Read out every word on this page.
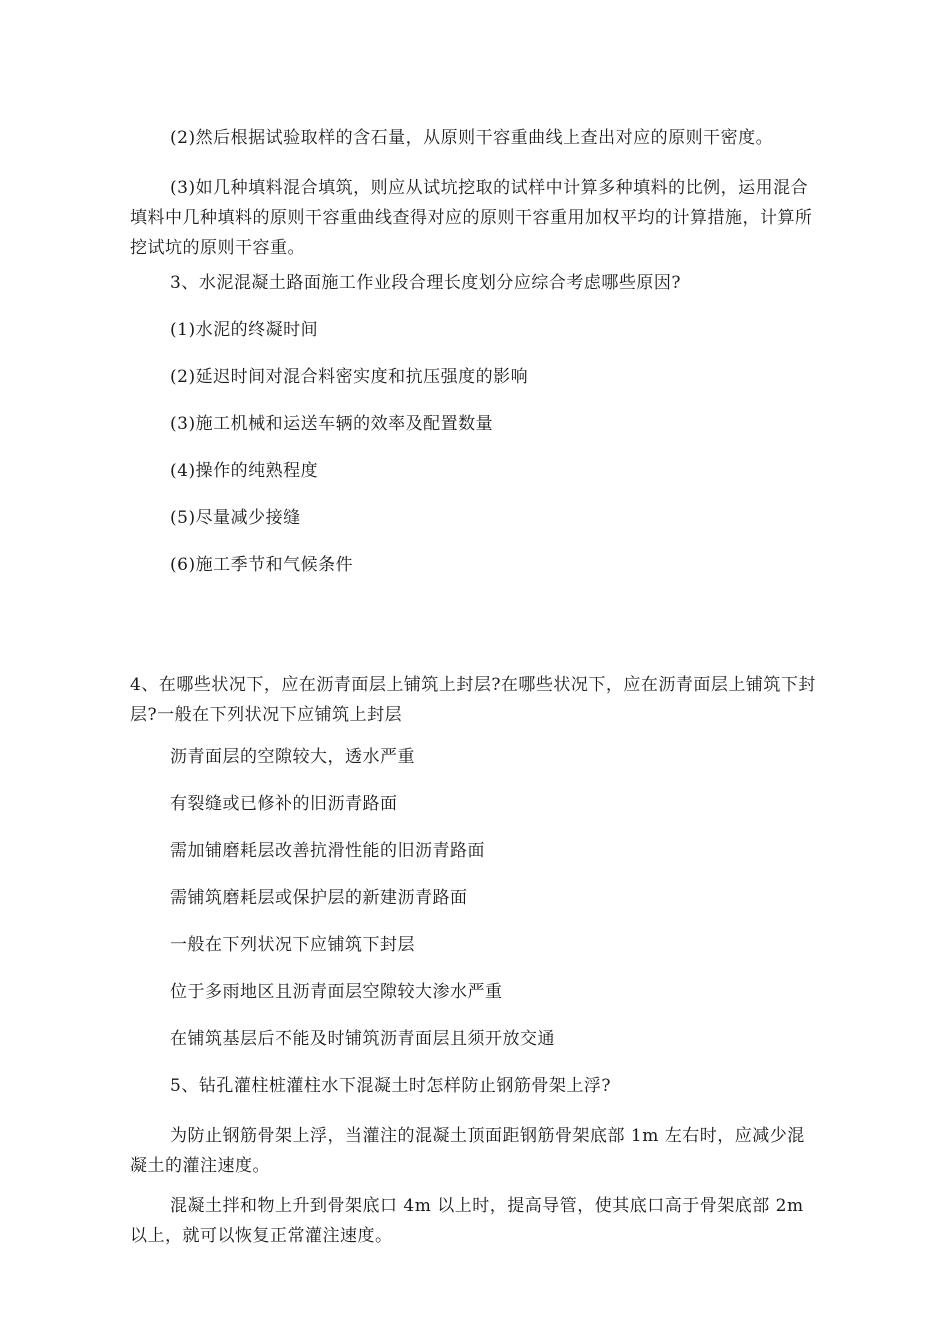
(2)然后根据试验取样的含石量，从原则干容重曲线上查出对应的原则干密度。

(3)如几种填料混合填筑，则应从试坑挖取的试样中计算多种填料的比例，运用混合填料中几种填料的原则干容重曲线查得对应的原则干容重用加权平均的计算措施，计算所挖试坑的原则干容重。

3、水泥混凝土路面施工作业段合理长度划分应综合考虑哪些原因?

(1)水泥的终凝时间

(2)延迟时间对混合料密实度和抗压强度的影响

(3)施工机械和运送车辆的效率及配置数量

(4)操作的纯熟程度

(5)尽量减少接缝

(6)施工季节和气候条件

4、在哪些状况下，应在沥青面层上铺筑上封层?在哪些状况下，应在沥青面层上铺筑下封层?一般在下列状况下应铺筑上封层

沥青面层的空隙较大，透水严重

有裂缝或已修补的旧沥青路面

需加铺磨耗层改善抗滑性能的旧沥青路面

需铺筑磨耗层或保护层的新建沥青路面

一般在下列状况下应铺筑下封层

位于多雨地区且沥青面层空隙较大渗水严重

在铺筑基层后不能及时铺筑沥青面层且须开放交通

5、钻孔灌柱桩灌柱水下混凝土时怎样防止钢筋骨架上浮?

为防止钢筋骨架上浮，当灌注的混凝土顶面距钢筋骨架底部 1m 左右时，应减少混凝土的灌注速度。

混凝土拌和物上升到骨架底口 4m 以上时，提高导管，使其底口高于骨架底部 2m 以上，就可以恢复正常灌注速度。
